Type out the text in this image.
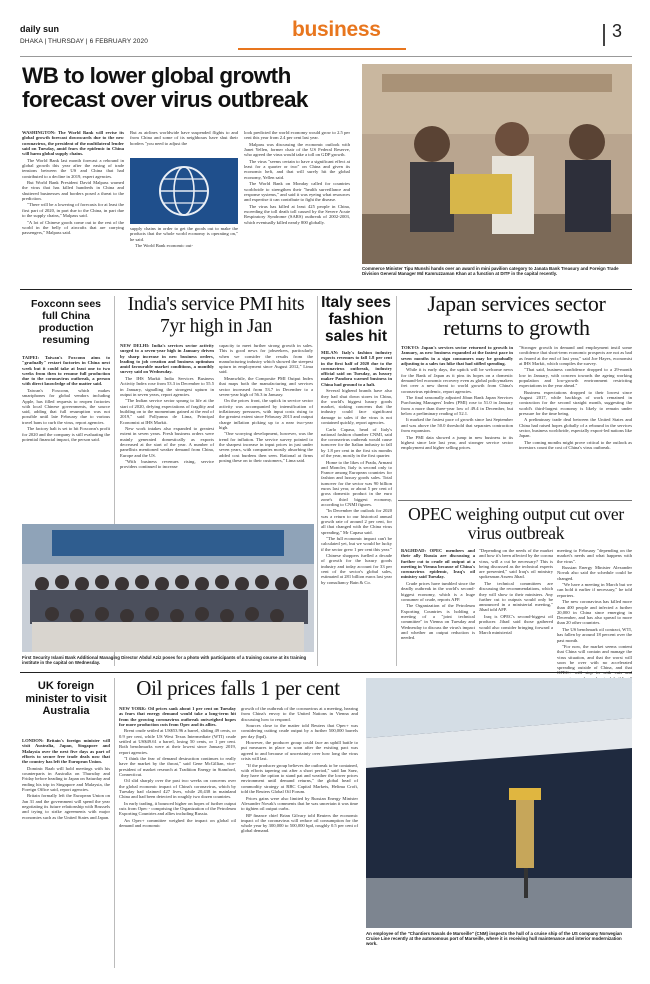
daily sun
DHAKA | THURSDAY | 6 FEBRUARY 2020
business	3
WB to lower global growth forecast over virus outbreak

WASHINGTON: The World Bank will revise its global growth forecast downwards due to the new coronavirus, the president of the multilateral lender said on Tuesday, amid fears the epidemic in China will harm global supply chains.

The World Bank last month forecast a rebound in global growth this year after the easing of trade tensions between the US and China that had contributed to a decline in 2019, expert agencies.

But World Bank President David Malpass warned the virus that has killed hundreds in China and shuttered businesses and borders posed a threat to the prediction.

"There will be a lowering of forecasts for at least the first part of 2020, in part due to the China, in part due to the supply chains," Malpass said.

"A lot of Chinese goods come out to the rest of the world in the belly of aircrafts that are carrying passengers," Malpass said.

But as airlines worldwide have suspended flights to and from China and some of its neighbours have shut their borders "you need to adjust the

supply chains in order to get the goods out to make the products that the whole world economy is operating on," he said.

The World Bank economic out-

look predicted the world economy would grow to 2.5 per cent this year from 2.4 per cent last year.

Malpass was discussing the economic outlook with Janet Yellen, former chair of the US Federal Reserve, who agreed the virus would take a toll on GDP growth.

The virus "seems certain to have a significant effect at least for a quarter or two" on China and given its economic heft, and that will surely hit the global economy, Yellen said.

The World Bank on Monday called for countries worldwide to strengthen their "health surveillance and response systems," and said it was eyeing what resources and expertise it can contribute to fight the disease.

The virus has killed at least 425 people in China, exceeding the toll death toll caused by the Severe Acute Respiratory Syndrome (SARS) outbreak of 2002-2003, which eventually killed nearly 800 globally.

Commerce Minister Tipu Munshi hands over an award in mini pavilion category to Janata Bank Treasury and Foreign Trade Division General Manager Md Kamruzzaman Khan at a function at DITF in the capital recently.
Foxconn sees full China production resuming

TAIPEI: Taiwan's Foxconn aims to "gradually" restart factories in China next week but it could take at least one to two weeks from then to resume full production due to the coronavirus outbreak, a person with direct knowledge of the matter said.

Taiwan's Foxconn, which makes smartphones for global vendors including Apple, has filled requests to reopen factories with local Chinese governments, the source said, adding that full resumption was not possible until late February due to various travel bans to curb the virus, report agencies.

The factory halt is set to hit Foxconn's profit for 2020 and the company is still evaluating the potential financial impact, the person said.

India's service PMI hits 7yr high in Jan

NEW DELHI: India's services sector activity surged to a seven-year high in January driven by sharp increase in new business orders, leading to job creation and business optimism amid favourable market conditions, a monthly survey said on Wednesday.

The IHS Markit India Services Business Activity Index rose from 53.3 in December to 55.5 in January, signalling the strongest upturn in output in seven years, report agencies.

"The Indian service sector sprang to life at the start of 2020, defying expectations of fragility and building on to the momentum gained at the end of 2019," said Pollyanna de Lima, Principal Economist at IHS Markit.

New work intakes also expanded to greatest extent in seven years. Fresh business orders were mainly generated domestically as exports decreased at the start of the year. A number of panellists mentioned weaker demand from China, Europe and the US.

"With business revenues rising, service providers continued to increase

capacity to meet further strong growth in sales. This is good news for jobseekers, particularly when we consider the results from the manufacturing industry which showed the steepest upturn in employment since August 2012," Lima said.

Meanwhile, the Composite PMI Output Index that maps both the manufacturing and services sector increased from 53.7 in December to a seven-year high of 56.3 in January.

On the prices front, the uptick in service sector activity was accompanied by intensification of inflationary pressures, with input costs rising to the greatest extent since February 2013 and output charge inflation picking up to a near two-year high.

"One worrying development, however, was the trend for inflation. The service survey pointed to the sharpest increase in input prices in just under seven years, with companies mostly absorbing the added cost burdens then seen. Rational at firms posing these on to their customers," Lima said.

First Security Islami Bank Additional Managing Director Abdul Aziz poses for a photo with participants of a training course at its training institute in the capital on Wednesday.
Italy sees fashion sales hit

MILAN: Italy's fashion industry expects revenues to fall 1.8 per cent in the first half of 2020 due to the coronavirus outbreak, industry official said on Tuesday, as luxury maker Pandora warned business in China had ground to a halt.

Several highend brands have also they had shut down stores in China, the world's biggest luxury goods market, stoking concerns that the industry could face significant damage to sales if the virus is not contained quickly, report agencies.

Carlo Capasa, head of Italy's national fashion chamber CNMI, said the coronavirus outbreak would cause turnover for the Italian industry to fall by 1.8 per cent in the first six months of the year, mostly in the first quarter.

Home to the likes of Prada, Armani and Moncler, Italy is second only to France among European countries for fashion and luxury goods sales. Total turnover for the sector was 90 billion euros last year, or about 5 per cent of gross domestic product in the euro zone's third biggest economy, according to CNMI figures.

"In December the outlook for 2020 was a return to our historical annual growth rate of around 2 per cent, for all that changed with the China virus spreading," Mr Capasa said.

"The full economic impact can't be calculated yet, but we would be lucky if the sector grew 1 per cent this year."

Chinese shoppers fuelled a decade of growth for the luxury goods industry and today account for 33 per cent of the sector's global sales, estimated at 281 billion euros last year by consultancy Bain & Co.

Japan services sector returns to growth

TOKYO: Japan's services sector returned to growth in January, as new business expanded at the fastest pace in seven months in a sign consumers may be gradually adjusting to a sales tax hike that had stifled spending.

While it is early days, the uptick will be welcome news for the Bank of Japan as it pins its hopes on a domestic demand-led economic recovery even as global policymakers fret over a new threat to world growth from China's coronavirus epidemic, report agencies.

The final seasonally adjusted Jibun Bank Japan Services Purchasing Managers' Index (PMI) rose to 51.0 in January from a more than three-year low of 49.4 in December, but below a preliminary reading of 52.1.

It marked the fastest pace of growth since last September and was above the 50.0 threshold that separates contraction from expansion.

The PMI data showed a jump in new business to its highest since late last year, and stronger service sector employment and higher selling prices.

"Stronger growth in demand and employment instil some confidence that short-term economic prospects are not as bad as feared at the end of last year," said Joe Hayes, economist at IHS Markit, which compiles the survey.

"That said, business confidence dropped to a 29-month low in January, with concern towards the ageing working population and low-growth environment restricting expectations in the year ahead."

Business expectations dropped to their lowest since August 2017, while backlogs of work remained in contraction for the second straight month, suggesting the world's third-largest economy is likely to remain under pressure for the time being.

A preliminary trade deal between the United States and China had raised hopes globally of a rebound in the services sector, business worldwide, especially export-led nations like Japan.

The coming months might prove critical to the outlook as investors count the cost of China's virus outbreak.

OPEC weighing output cut over virus outbreak

BAGHDAD: OPEC members and their ally Russia are discussing a further cut to crude oil output at a meeting in Vienna because of China's coronavirus epidemic, Iraq's oil ministry said Tuesday.

Crude prices have tumbled since the deadly outbreak in the world's second-biggest economy, which is a huge consumer of crude, reports AFP.

The Organization of the Petroleum Exporting Countries is holding a meeting of a "joint technical committee" in Vienna on Tuesday and Wednesday to discuss the virus's impact and whether an output reduction is needed.

"Depending on the needs of the market and how it's been affected by the corona virus, will a cut be necessary? This is being discussed as the technical experts are presented," said Iraq's oil ministry spokesman Assem Jihad.

The technical committees are discussing the recommendations, which they will show to their ministers. Any further cut to outputs would only be announced in a ministerial meeting," Jihad told AFP.

Iraq is OPEC's second-biggest oil producer. Jihad said those gathered would also consider bringing forward a March ministerial

meeting to February "depending on the market's needs and what happens with the virus".

Russian Energy Minister Alexander Novak also said the schedule could be changed.

"We have a meeting in March but we can hold it earlier if necessary," he told reporters.

The new coronavirus has killed more than 400 people and infected a further 20,000 in China since emerging in December, and has also spread to more than 20 other countries.

The US benchmark oil contract, WTI, has fallen by around 18 percent over the past month.

"For now, the market seems content that China will contain and manage the virus situation, and that the worst will soon be over with no accelerated spreading outside of China, and that

UK foreign minister to visit Australia

LONDON: Britain's foreign minister will visit Australia, Japan, Singapore and Malaysia over the next five days as part of efforts to secure free trade deals now that the country has left the European Union.

Dominic Raab will hold meetings with his counterparts in Australia on Thursday and Friday before heading to Japan on Saturday and ending his trip in Singapore and Malaysia, the Foreign Office said, report agencies.

Britain formally left the European Union on Jan 31 and the government will spend the year negotiating its future relationship with Brussels and trying to strike agreements with major economies such as the United States and Japan.

Oil prices falls 1 per cent

NEW YORK: Oil prices sank about 1 per cent on Tuesday as fears that energy demand would take a long-term hit from the growing coronavirus outbreak outweighed hopes for more production cuts from Opec and its allies.

Brent crude settled at US$53.96 a barrel, sliding 49 cents, or 0.9 per cent, while US West Texas Intermediate (WTI) crude settled at US$49.61 a barrel, losing 50 cents, or 1 per cent. Both benchmarks were at their lowest since January 2019, report agencies.

"I think the fear of demand destruction continues to really have the market by the throat," said Gene McGillian, vice-president of market research at Tradition Energy in Stamford, Connecticut.

Oil slid sharply over the past two weeks on concerns over the global economic impact of China's coronavirus, which by Tuesday had claimed 427 lives, while 20,438 in mainland China and had been detected in roughly two dozen countries.

In early trading, it bounced higher on hopes of further output cuts from Opec - comprising the Organization of the Petroleum Exporting Countries and allies including Russia.

An Opec+ committee weighed the impact on global oil demand and economic

growth of the outbreak of the coronavirus at a meeting, hearing from China's envoy to the United Nations in Vienna and discussing how to respond.

Sources close to the matter told Reuters that Opec+ was considering cutting crude output by a further 500,000 barrels per day (bpd).

However, the producer group could face an uphill battle to put measures in place so soon after the existing pact was agreed to and because of uncertainty over how long the virus crisis will last.

"If the producer group believes the outbreak to be contained, with efforts tapering out after a short period," said Ian Saez, they have the option to stand pat and weather the lower prices environment until demand returns," the global head of commodity strategy at RBC Capital Markets, Helima Croft, told the Reuters Global Oil Forum.

Prices gains were also limited by Russian Energy Minister Alexander Novak's comments that he was uncertain it was time to tighten oil output curbs.

BP finance chief Brian Gilvary told Reuters the economic impact of the coronavirus will reduce oil consumption for the whole year by 300,000 to 500,000 bpd, roughly 0.5 per cent of global demand.

An employee of the "Chantiers Navals de Marseille" (CNM) inspects the hull of a cruise ship of the US company Norwegian Cruise Line recently at the autonomous port of Marseille, where it is receiving hull maintenance and interior modernization work.
